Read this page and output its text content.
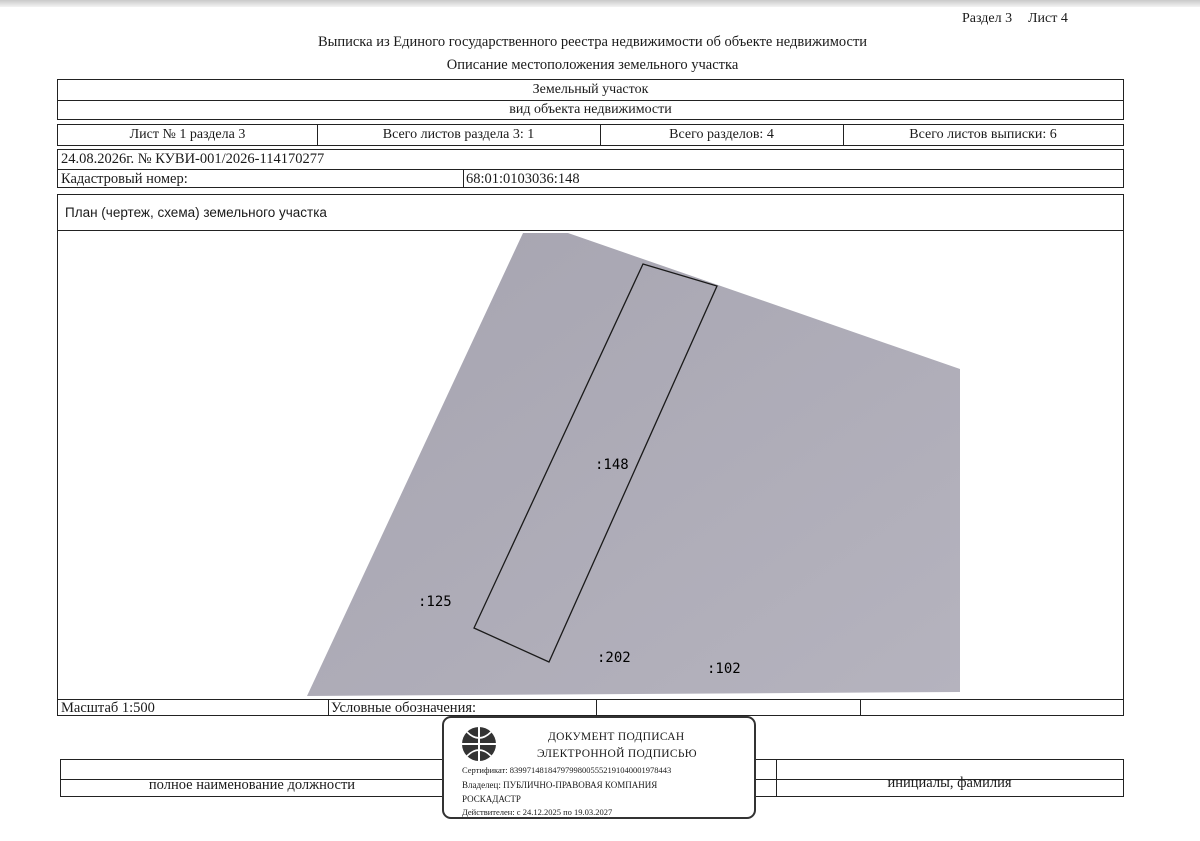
Раздел 3 Лист 4
Выписка из Единого государственного реестра недвижимости об объекте недвижимости
Описание местоположения земельного участка
Земельный участок
вид объекта недвижимости
Лист № 1 раздела 3	Всего листов раздела 3: 1	Всего разделов: 4	Всего листов выписки: 6
24.08.2026г. № КУВИ-001/2026-114170277
Кадастровый номер:	68:01:0103036:148
План (чертеж, схема) земельного участка
Масштаб 1:500	Условные обозначения:
:148
:125
:202
:102
полное наименование должности	инициалы, фамилия
ДОКУМЕНТ ПОДПИСАН
ЭЛЕКТРОННОЙ ПОДПИСЬЮ
Сертификат: 83997148184797998005552191040001978443
Владелец: ПУБЛИЧНО-ПРАВОВАЯ КОМПАНИЯ
РОСКАДАСТР
Действителен: с 24.12.2025 по 19.03.2027
